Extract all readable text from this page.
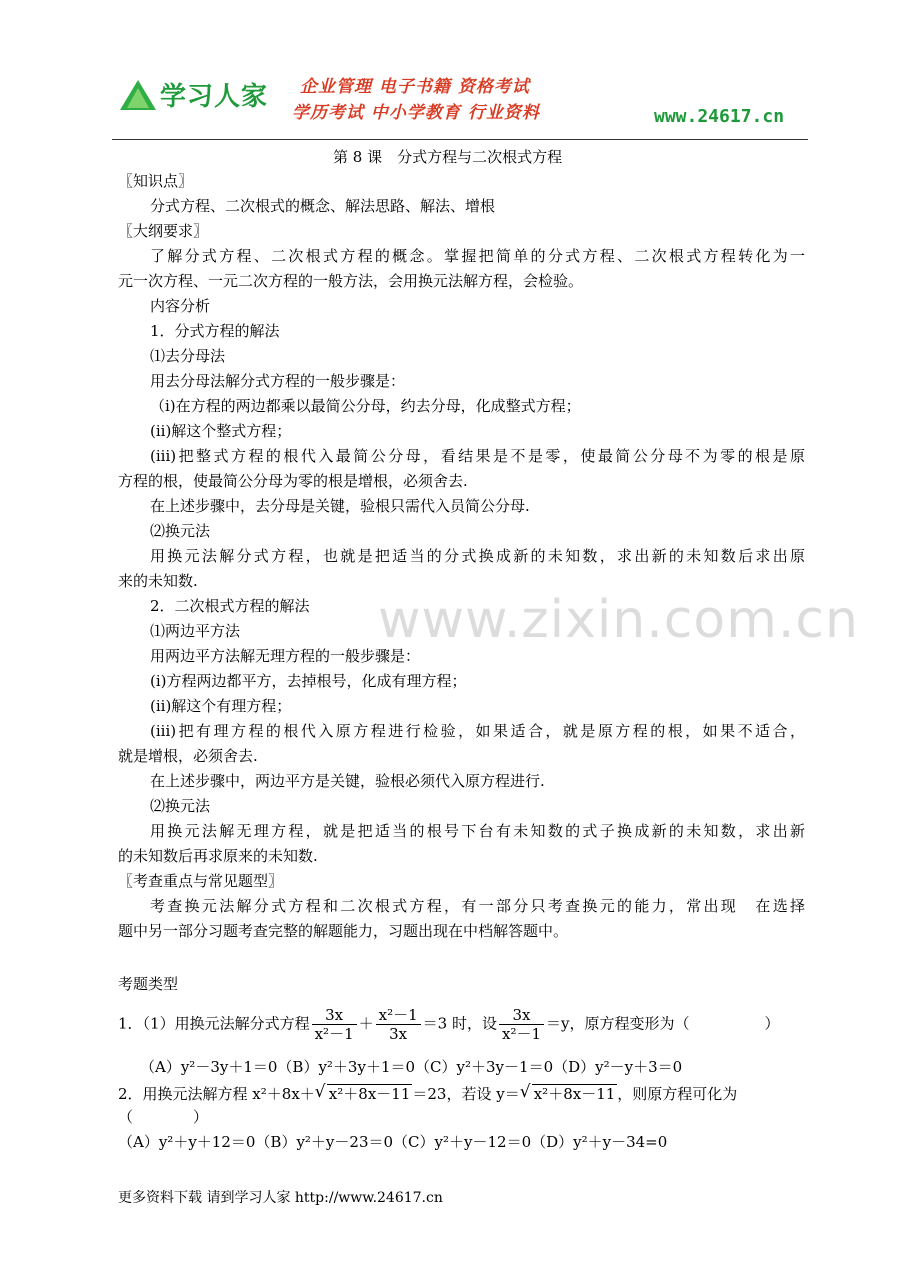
学习人家 企业管理 电子书籍 资格考试
学历考试 中小学教育 行业资料	www.24617.cn
www.zixin.com.cn
第 8 课　分式方程与二次根式方程
〖知识点〗
分式方程、二次根式的概念、解法思路、解法、增根
〖大纲要求〗
了解分式方程、二次根式方程的概念。掌握把简单的分式方程、二次根式方程转化为一
元一次方程、一元二次方程的一般方法，会用换元法解方程，会检验。
内容分析
1．分式方程的解法
⑴去分母法
用去分母法解分式方程的一般步骤是：
（i)在方程的两边都乘以最简公分母，约去分母，化成整式方程；
(ii)解这个整式方程；
(iii)把整式方程的根代入最简公分母，看结果是不是零，使最简公分母不为零的根是原
方程的根，使最简公分母为零的根是增根，必须舍去.
在上述步骤中，去分母是关键，验根只需代入员简公分母.
⑵换元法
用换元法解分式方程，也就是把适当的分式换成新的未知数，求出新的未知数后求出原
来的未知数.
2．二次根式方程的解法
⑴两边平方法
用两边平方法解无理方程的一般步骤是：
(i)方程两边都平方，去掉根号，化成有理方程；
(ii)解这个有理方程；
(iii)把有理方程的根代入原方程进行检验，如果适合，就是原方程的根，如果不适合，
就是增根，必须舍去.
在上述步骤中，两边平方是关键，验根必须代入原方程进行.
⑵换元法
用换元法解无理方程，就是把适当的根号下台有未知数的式子换成新的未知数，求出新
的未知数后再求原来的未知数.
〖考查重点与常见题型〗
考查换元法解分式方程和二次根式方程，有一部分只考查换元的能力，常出现　在选择
题中另一部分习题考查完整的解题能力，习题出现在中档解答题中。
考题类型
1．（1）用换元法解分式方程 $\frac{3x}{\text{x²－1}} + \frac{\text{x²－1}}{3x} =3$ 时，设 $\frac{3x}{\text{x²－1}} =y$，原方程变形为（　　　　　）
（A）y²－3y＋1＝0（B）y²＋3y＋1＝0（C）y²＋3y－1＝0（D）y²－y＋3＝0
2．用换元法解方程 x²＋8x＋ √ x²＋8x－11 ＝23，若设 y＝ √ x²＋8x－11 ，则原方程可化为
（　　　　）
（A）y²＋y＋12＝0（B）y²＋y－23＝0（C）y²＋y－12＝0（D）y²＋y－34=0
更多资料下载 请到学习人家 http://www.24617.cn
